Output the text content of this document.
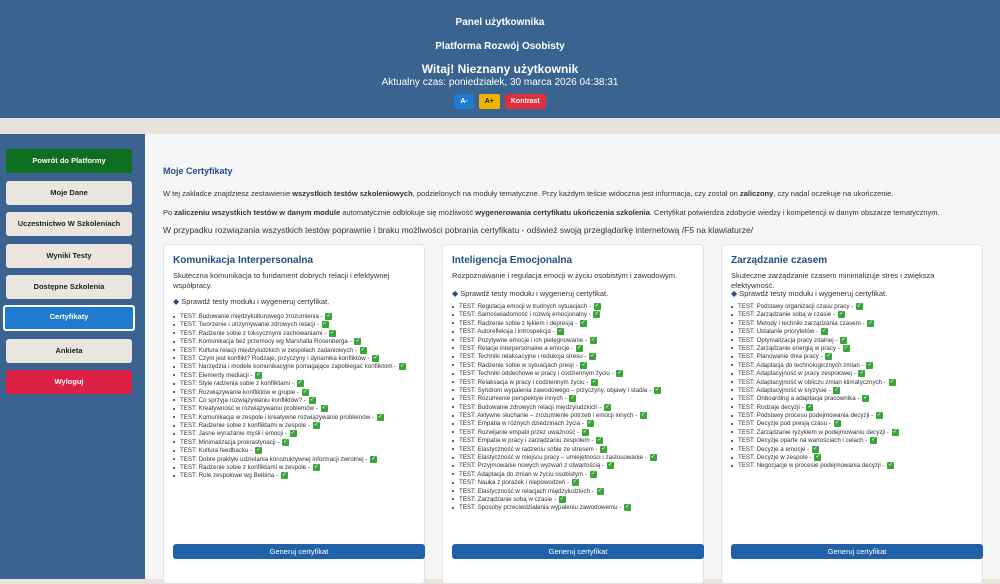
Panel użytkownika
Platforma Rozwój Osobisty
Witaj! Nieznany użytkownik
Aktualny czas: poniedziałek, 30 marca 2026 04:38:31
A-	A+	Kontrast
Powrót do Platformy
Moje Dane
Uczestnictwo W Szkoleniach
Wyniki Testy
Dostępne Szkolenia
Certyfikaty
Ankieta
Wyloguj
Moje Certyfikaty

W tej zakładce znajdziesz zestawienie wszystkich testów szkoleniowych, podzielonych na moduły tematyczne. Przy każdym teście widoczna jest informacja, czy został on zaliczony, czy nadal oczekuje na ukończenie.

Po zaliczeniu wszystkich testów w danym module automatycznie odblokuje się możliwość wygenerowania certyfikatu ukończenia szkolenia. Certyfikat potwierdza zdobycie wiedzy i kompetencji w danym obszarze tematycznym.

W przypadku rozwiązania wszystkich testów poprawnie i braku możliwości pobrania certyfikatu - odśwież swoją przeglądarkę internetową /F5 na klawiaturze/

Komunikacja Interpersonalna
Skuteczna komunikacja to fundament dobrych relacji i efektywnej współpracy.
◆ Sprawdź testy modułu i wygeneruj certyfikat.
TEST: Budowanie międzykulturowego zrozumienia - ✓
TEST: Tworzenie i utrzymywanie zdrowych relacji - ✓
TEST: Radzenie sobie z toksycznymi zachowaniami - ✓
TEST: Komunikacja bez przemocy wg Marshalla Rosenberga - ✓
TEST: Kultura relacji międzyludzkich w zespołach zadaniowych - ✓
TEST: Czym jest konflikt? Rodzaje, przyczyny i dynamika konfliktów - ✓
TEST: Narzędzia i modele komunikacyjne pomagające zapobiegać konfliktom - ✓
TEST: Elementy mediacji - ✓
TEST: Style radzenia sobie z konfliktami - ✓
TEST: Rozwiązywanie konfliktów w grupie - ✓
TEST: Co sprzyja rozwiązywaniu konfliktów? - ✓
TEST: Kreatywność w rozwiązywaniu problemów - ✓
TEST: Komunikacja w zespole i kreatywne rozwiązywanie problemów - ✓
TEST: Radzenie sobie z konfliktami w zespole - ✓
TEST: Jasne wyrażanie myśli i emocji - ✓
TEST: Minimalizacja prokrastynacji - ✓
TEST: Kultura feedbacku - ✓
TEST: Dobre praktyki udzielania konstruktywnej informacji zwrotnej - ✓
TEST: Radzenie sobie z konfliktami w zespole - ✓
TEST: Role zespołowe wg Belbina - ✓
Generuj certyfikat
Inteligencja Emocjonalna
Rozpoznawanie i regulacja emocji w życiu osobistym i zawodowym.
◆ Sprawdź testy modułu i wygeneruj certyfikat.
TEST: Regulacja emocji w trudnych sytuacjach - ✓
TEST: Samoświadomość i rozwój emocjonalny - ✓
TEST: Radzenie sobie z lękiem i depresją - ✓
TEST: Autorefleksja i introspekcja - ✓
TEST: Pozytywne emocje i ich pielęgnowanie - ✓
TEST: Relacje interpersonalne a emocje - ✓
TEST: Techniki relaksacyjne i redukcja stresu - ✓
TEST: Radzenie sobie w sytuacjach presji - ✓
TEST: Techniki oddechowe w pracy i codziennym życiu - ✓
TEST: Relaksacja w pracy i codziennym życiu - ✓
TEST: Syndrom wypalenia zawodowego – przyczyny, objawy i stadia - ✓
TEST: Rozumienie perspektyw innych - ✓
TEST: Budowanie zdrowych relacji międzyludzkich - ✓
TEST: Aktywne słuchanie – zrozumienie potrzeb i emocji innych - ✓
TEST: Empatia w różnych dziedzinach życia - ✓
TEST: Rozwijanie empatii przez uważność - ✓
TEST: Empatia w pracy i zarządzaniu zespołem - ✓
TEST: Elastyczność w radzeniu sobie ze stresem - ✓
TEST: Elastyczność w miejscu pracy – umiejętności i zastosowanie - ✓
TEST: Przyjmowanie nowych wyzwań z otwartością - ✓
TEST: Adaptacja do zmian w życiu osobistym - ✓
TEST: Nauka z porażek i niepowodzeń - ✓
TEST: Elastyczność w relacjach międzyludzkich - ✓
TEST: Zarządzanie sobą w czasie - ✓
TEST: Sposoby przeciwdziałania wypaleniu zawodowemu - ✓
Generuj certyfikat
Zarządzanie czasem
Skuteczne zarządzanie czasem minimalizuje stres i zwiększa efektywność.
◆ Sprawdź testy modułu i wygeneruj certyfikat.
TEST: Podstawy organizacji czasu pracy - ✓
TEST: Zarządzanie sobą w czasie - ✓
TEST: Metody i techniki zarządzania czasem - ✓
TEST: Ustalanie priorytetów - ✓
TEST: Optymalizacja pracy zdalnej - ✓
TEST: Zarządzanie energią w pracy - ✓
TEST: Planowanie dnia pracy - ✓
TEST: Adaptacja do technologicznych zmian - ✓
TEST: Adaptacyjność w pracy zespołowej - ✓
TEST: Adaptacyjność w obliczu zmian klimatycznych - ✓
TEST: Adaptacyjność w kryzysie - ✓
TEST: Onboarding a adaptacja pracownika - ✓
TEST: Rodzaje decyzji - ✓
TEST: Podstawy procesu podejmowania decyzji - ✓
TEST: Decyzje pod presją czasu - ✓
TEST: Zarządzanie ryzykiem w podejmowaniu decyzji - ✓
TEST: Decyzje oparte na wartościach i celach - ✓
TEST: Decyzje a emocje - ✓
TEST: Decyzje w zespole - ✓
TEST: Negocjacje w procesie podejmowania decyzji - ✓
Generuj certyfikat
